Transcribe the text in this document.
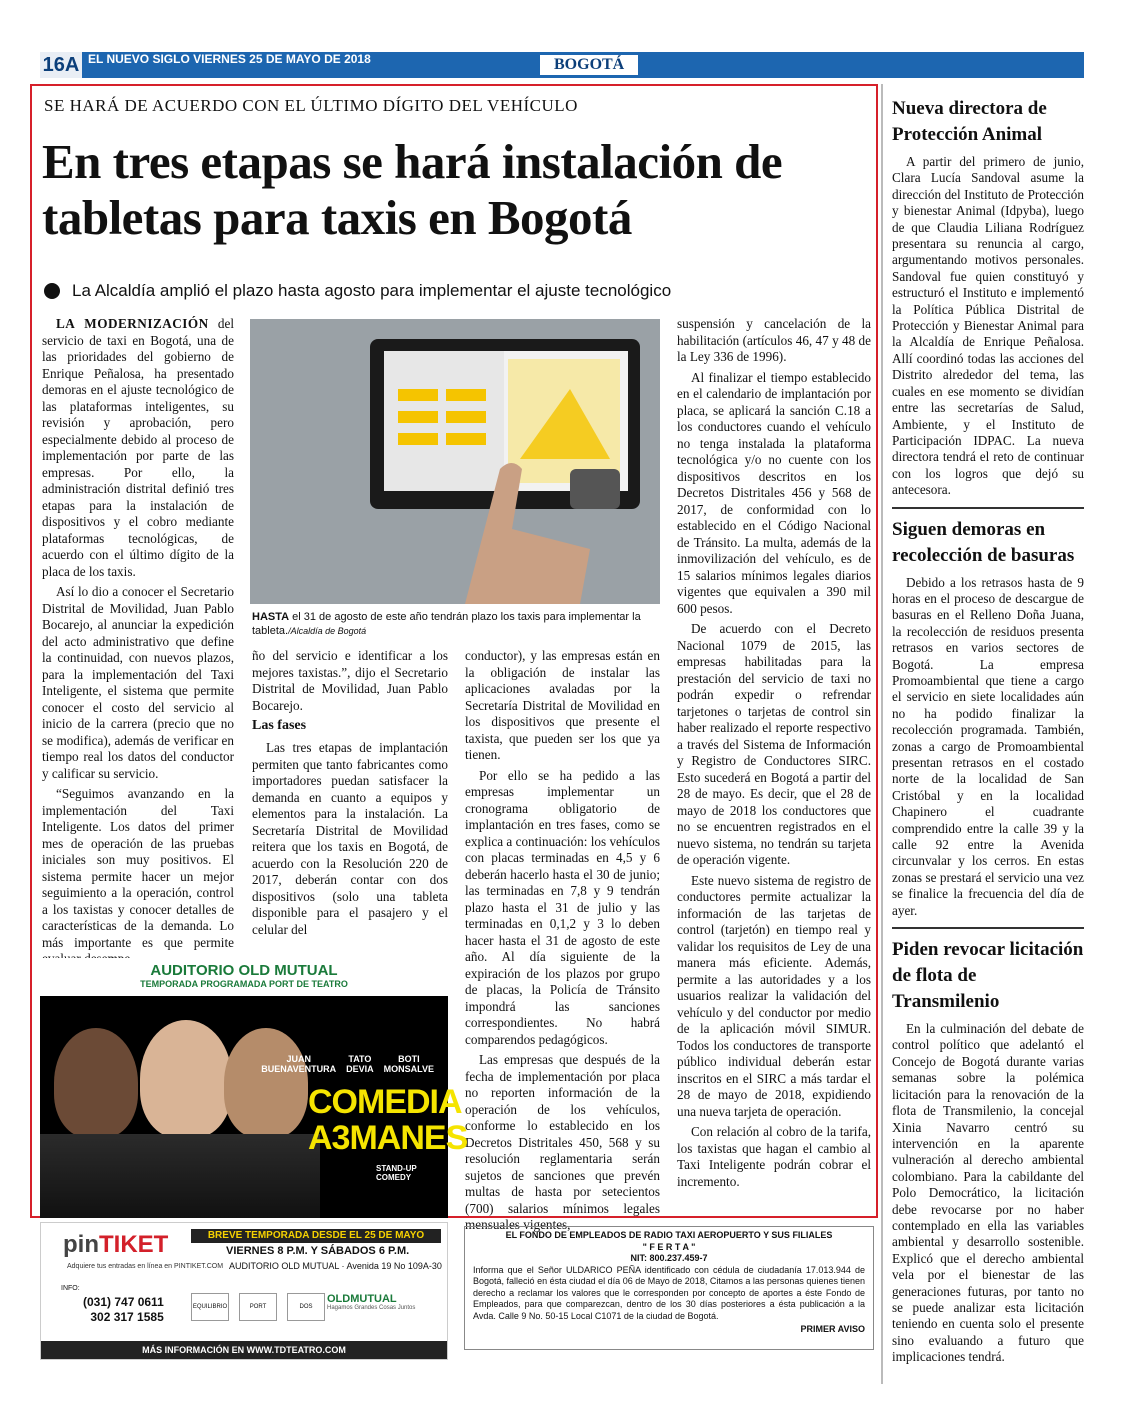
16A EL NUEVO SIGLO VIERNES 25 DE MAYO DE 2018	BOGOTÁ
SE HARÁ DE ACUERDO CON EL ÚLTIMO DÍGITO DEL VEHÍCULO
En tres etapas se hará instalación de tabletas para taxis en Bogotá
La Alcaldía amplió el plazo hasta agosto para implementar el ajuste tecnológico

LA MODERNIZACIÓN del servicio de taxi en Bogotá, una de las prioridades del gobierno de Enrique Peñalosa, ha presentado demoras en el ajuste tecnológico de las plataformas inteligentes, su revisión y aprobación, pero especialmente debido al proceso de implementación por parte de las empresas. Por ello, la administración distrital definió tres etapas para la instalación de dispositivos y el cobro mediante plataformas tecnológicas, de acuerdo con el último dígito de la placa de los taxis.

Así lo dio a conocer el Secretario Distrital de Movilidad, Juan Pablo Bocarejo, al anunciar la expedición del acto administrativo que define la continuidad, con nuevos plazos, para la implementación del Taxi Inteligente, el sistema que permite conocer el costo del servicio al inicio de la carrera (precio que no se modifica), además de verificar en tiempo real los datos del conductor y calificar su servicio.

“Seguimos avanzando en la implementación del Taxi Inteligente. Los datos del primer mes de operación de las pruebas iniciales son muy positivos. El sistema permite hacer un mejor seguimiento a la operación, control a los taxistas y conocer detalles de características de la demanda. Lo más importante es que permite

HASTA el 31 de agosto de este año tendrán plazo los taxis para implementar la tableta./Alcaldía de Bogotá

ño del servicio e identificar a los mejores taxistas.”, dijo el Secretario Distrital de Movilidad, Juan Pablo Bocarejo.

Las fases

Las tres etapas de implantación permiten que tanto fabricantes como importadores puedan satisfacer la demanda en cuanto a equipos y elementos para la instalación. La Secretaría Distrital de Movilidad reitera que los taxis en Bogotá, de acuerdo con la Resolución 220 de 2017, deberán contar con dos dispositivos (solo una tableta disponible para el pasajero y el celular del

conductor), y las empresas están en la obligación de instalar las aplicaciones avaladas por la Secretaría Distrital de Movilidad en los dispositivos que presente el taxista, que pueden ser los que ya tienen.

Por ello se ha pedido a las empresas implementar un cronograma obligatorio de implantación en tres fases, como se explica a continuación: los vehículos con placas terminadas en 4,5 y 6 deberán hacerlo hasta el 30 de junio; las terminadas en 7,8 y 9 tendrán plazo hasta el 31 de julio y las terminadas en 0,1,2 y 3 lo deben hacer hasta el 31 de agosto de este año. Al día siguiente de la expiración de los plazos por grupo de placas, la Policía de Tránsito impondrá las sanciones correspondientes. No habrá comparendos pedagógicos.

Las empresas que después de la fecha de implementación por placa no reporten información de la operación de los vehículos, conforme lo establecido en los Decretos Distritales 450, 568 y su resolución reglamentaria serán sujetos de sanciones que prevén multas de hasta por setecientos (700) salarios mínimos legales mensuales vigentes,

suspensión y cancelación de la habilitación (artículos 46, 47 y 48 de la Ley 336 de 1996).

Al finalizar el tiempo establecido en el calendario de implantación por placa, se aplicará la sanción C.18 a los conductores cuando el vehículo no tenga instalada la plataforma tecnológica y/o no cuente con los dispositivos descritos en los Decretos Distritales 456 y 568 de 2017, de conformidad con lo establecido en el Código Nacional de Tránsito. La multa, además de la inmovilización del vehículo, es de 15 salarios mínimos legales diarios vigentes que equivalen a 390 mil 600 pesos.

De acuerdo con el Decreto Nacional 1079 de 2015, las empresas habilitadas para la prestación del servicio de taxi no podrán expedir o refrendar tarjetones o tarjetas de control sin haber realizado el reporte respectivo a través del Sistema de Información y Registro de Conductores SIRC. Esto sucederá en Bogotá a partir del 28 de mayo. Es decir, que el 28 de mayo de 2018 los conductores que no se encuentren registrados en el nuevo sistema, no tendrán su tarjeta de operación vigente.

Este nuevo sistema de registro de conductores permite actualizar la información de las tarjetas de control (tarjetón) en tiempo real y validar los requisitos de Ley de una manera más eficiente. Además, permite a las autoridades y a los usuarios realizar la validación del vehículo y del conductor por medio de la aplicación móvil SIMUR. Todos los conductores de transporte público individual deberán estar inscritos en el SIRC a más tardar el 28 de mayo de 2018, expidiendo una nueva tarjeta de operación.

Con relación al cobro de la tarifa, los taxistas que hagan el cambio al Taxi Inteligente podrán cobrar el incremento.

AUDITORIO OLD MUTUAL
TEMPORADA PROGRAMADA PORT DE TEATRO
JUAN
BUENAVENTURA
TATO
DEVIA
BOTI
MONSALVE
COMEDIA
A3MANES
STAND-UP COMEDY
pinTIKET
Adquiere tus entradas en línea en PINTIKET.COM
BREVE TEMPORADA DESDE EL 25 DE MAYO
VIERNES 8 P.M. Y SÁBADOS 6 P.M.
AUDITORIO OLD MUTUAL · Avenida 19 No 109A-30
INFO:
(031) 747 0611
302 317 1585
EQUILIBRIO	PORT	DOS
OLDMUTUAL
Hagamos Grandes Cosas Juntos
MÁS INFORMACIÓN EN WWW.TDTEATRO.COM
EL FONDO DE EMPLEADOS DE RADIO TAXI AEROPUERTO Y SUS FILIALES
" F E R T A "
NIT: 800.237.459-7
Informa que el Señor ULDARICO PEÑA identificado con cédula de ciudadanía 17.013.944 de Bogotá, falleció en ésta ciudad el día 06 de Mayo de 2018, Citamos a las personas quienes tienen derecho a reclamar los valores que le corresponden por concepto de aportes a éste Fondo de Empleados, para que comparezcan, dentro de los 30 días posteriores a ésta publicación a la Avda. Calle 9 No. 50-15 Local C1071 de la ciudad de Bogotá.
PRIMER AVISO
Nueva directora de Protección Animal

A partir del primero de junio, Clara Lucía Sandoval asume la dirección del Instituto de Protección y bienestar Animal (Idpyba), luego de que Claudia Liliana Rodríguez presentara su renuncia al cargo, argumentando motivos personales. Sandoval fue quien constituyó y estructuró el Instituto e implementó la Política Pública Distrital de Protección y Bienestar Animal para la Alcaldía de Enrique Peñalosa. Allí coordinó todas las acciones del Distrito alrededor del tema, las cuales en ese momento se dividían entre las secretarías de Salud, Ambiente, y el Instituto de Participación IDPAC. La nueva directora tendrá el reto de continuar con los logros que dejó su antecesora.

Siguen demoras en recolección de basuras

Debido a los retrasos hasta de 9 horas en el proceso de descargue de basuras en el Relleno Doña Juana, la recolección de residuos presenta retrasos en varios sectores de Bogotá. La empresa Promoambiental que tiene a cargo el servicio en siete localidades aún no ha podido finalizar la recolección programada. También, zonas a cargo de Promoambiental presentan retrasos en el costado norte de la localidad de San Cristóbal y en la localidad Chapinero el cuadrante comprendido entre la calle 39 y la calle 92 entre la Avenida circunvalar y los cerros. En estas zonas se prestará el servicio una vez se finalice la frecuencia del día de ayer.

Piden revocar licitación de flota de Transmilenio

En la culminación del debate de control político que adelantó el Concejo de Bogotá durante varias semanas sobre la polémica licitación para la renovación de la flota de Transmilenio, la concejal Xinia Navarro centró su intervención en la aparente vulneración al derecho ambiental colombiano. Para la cabildante del Polo Democrático, la licitación debe revocarse por no haber contemplado en ella las variables ambiental y desarrollo sostenible. Explicó que el derecho ambiental vela por el bienestar de las generaciones futuras, por tanto no se puede analizar esta licitación teniendo en cuenta solo el presente sino evaluando a futuro que implicaciones tendrá.
